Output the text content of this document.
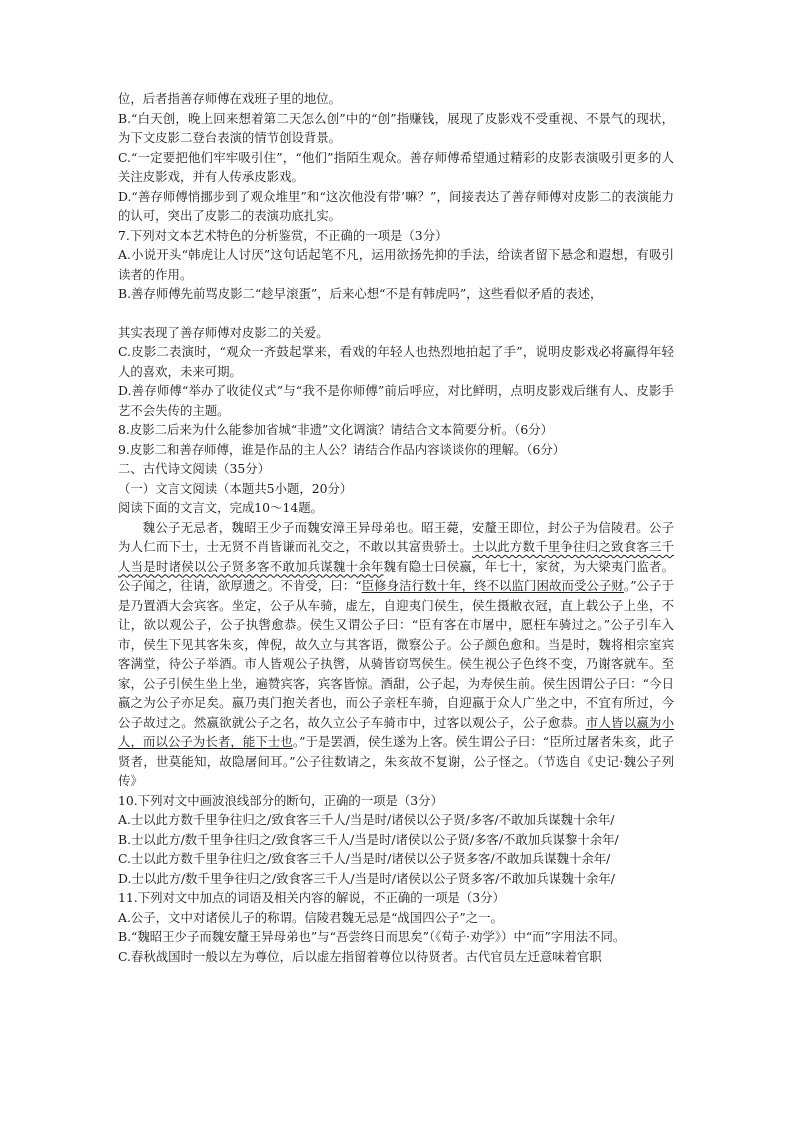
位，后者指善存师傅在戏班子里的地位。

B.“白天创，晚上回来想着第二天怎么创”中的“创”指赚钱，展现了皮影戏不受重视、不景气的现状，为下文皮影二登台表演的情节创设背景。

C.“一定要把他们牢牢吸引住”，“他们”指陌生观众。善存师傅希望通过精彩的皮影表演吸引更多的人关注皮影戏，并有人传承皮影戏。

D.“善存师傅悄挪步到了观众堆里”和“这次他没有带’嘛？”，间接表达了善存师傅对皮影二的表演能力的认可，突出了皮影二的表演功底扎实。

7.下列对文本艺术特色的分析鉴赏，不正确的一项是（3分）

A.小说开头“韩虎让人讨厌”这句话起笔不凡，运用欲扬先抑的手法，给读者留下悬念和遐想，有吸引读者的作用。

B.善存师傅先前骂皮影二“趁早滚蛋”，后来心想“不是有韩虎吗”，这些看似矛盾的表述，

其实表现了善存师傅对皮影二的关爱。

C.皮影二表演时，“观众一齐鼓起掌来，看戏的年轻人也热烈地拍起了手”，说明皮影戏必将赢得年轻人的喜欢，未来可期。

D.善存师傅“举办了收徒仪式”与“我不是你师傅”前后呼应，对比鲜明，点明皮影戏后继有人、皮影手艺不会失传的主题。

8.皮影二后来为什么能参加省城“非遗”文化调演？请结合文本简要分析。（6分）

9.皮影二和善存师傅，谁是作品的主人公？请结合作品内容谈谈你的理解。（6分）

二、古代诗文阅读（35分）

（一）文言文阅读（本题共5小题，20分）

阅读下面的文言文，完成10～14题。

魏公子无忌者，魏昭王少子而魏安漳王异母弟也。昭王薨，安釐王即位，封公子为信陵君。公子为人仁而下士，士无贤不肖皆谦而礼交之，不敢以其富贵骄士。士以此方数千里争往归之致食客三千人当是时诸侯以公子贤多客不敢加兵谋魏十余年魏有隐士曰侯嬴，年七十，家贫，为大梁夷门监者。公子闻之，往请，欲厚遗之。不肯受，曰：“臣修身洁行数十年，终不以监门困故而受公子财。”公子于是乃置酒大会宾客。坐定，公子从车骑，虚左，自迎夷门侯生，侯生摄敝衣冠，直上载公子上坐，不让，欲以观公子，公子执辔愈恭。侯生又谓公子曰：“臣有客在市屠中，愿枉车骑过之。”公子引车入市，侯生下见其客朱亥，俾倪，故久立与其客语，微察公子。公子颜色愈和。当是时，魏将相宗室宾客满堂，待公子举酒。市人皆观公子执辔，从骑皆窃骂侯生。侯生视公子色终不变，乃谢客就车。至家，公子引侯生坐上坐，遍赞宾客，宾客皆惊。酒甜，公子起，为寿侯生前。侯生因谓公子曰：“今日嬴之为公子亦足矣。嬴乃夷门抱关者也，而公子亲枉车骑，自迎嬴于众人广坐之中，不宜有所过，今公子故过之。然嬴欲就公子之名，故久立公子车骑市中，过客以观公子，公子愈恭。市人皆以嬴为小人，而以公子为长者，能下士也。”于是罢酒，侯生遂为上客。侯生谓公子曰：“臣所过屠者朱亥，此子贤者，世莫能知，故隐屠间耳。”公子往数请之，朱亥故不复谢，公子怪之。（节选自《史记·魏公子列传》

10.下列对文中画波浪线部分的断句，正确的一项是（3分）

A.士以此方数千里争往归之/致食客三千人/当是时/诸侯以公子贤/多客/不敢加兵谋魏十余年/

B.士以此方/数千里争往归之/致食客三千人/当是时/诸侯以公子贤/多客/不敢加兵谋黎十余年/

C.士以此方数千里争往归之/致食客三千人/当是时/诸侯以公子贤多客/不敢加兵谋魏十余年/

D.士以此方/数千里争往归之/致食客三千人/当是时/诸侯以公子贤多客/不敢加兵谋魏十余年/

11.下列对文中加点的词语及相关内容的解说，不正确的一项是（3分）

A.公子，文中对诸侯儿子的称谓。信陵君魏无忌是“战国四公子”之一。

B.“魏昭王少子而魏安釐王异母弟也”与“吾尝终日而思矣”（《荀子·劝学》）中“而”字用法不同。

C.春秋战国时一般以左为尊位，后以虚左指留着尊位以待贤者。古代官员左迁意味着官职
